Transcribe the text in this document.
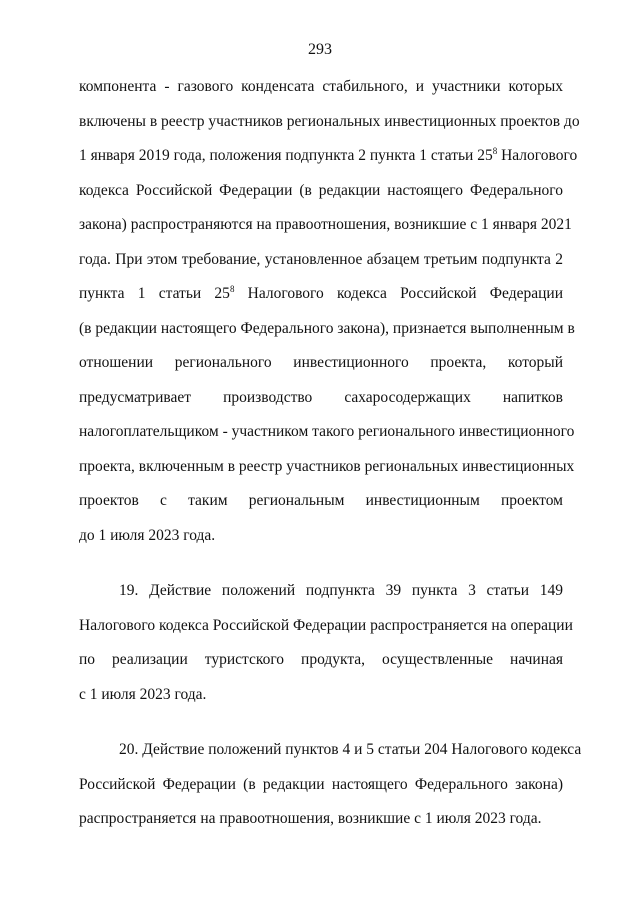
293
компонента - газового конденсата стабильного, и участники которых
включены в реестр участников региональных инвестиционных проектов до
1 января 2019 года, положения подпункта 2 пункта 1 статьи $25^8$ Налогового
кодекса Российской Федерации (в редакции настоящего Федерального
закона) распространяются на правоотношения, возникшие с 1 января 2021
года. При этом требование, установленное абзацем третьим подпункта 2
пункта 1 статьи $25^8$ Налогового кодекса Российской Федерации
(в редакции настоящего Федерального закона), признается выполненным в
отношении регионального инвестиционного проекта, который
предусматривает производство сахаросодержащих напитков
налогоплательщиком - участником такого регионального инвестиционного
проекта, включенным в реестр участников региональных инвестиционных
проектов с таким региональным инвестиционным проектом
до 1 июля 2023 года.
19. Действие положений подпункта 39 пункта 3 статьи 149
Налогового кодекса Российской Федерации распространяется на операции
по реализации туристского продукта, осуществленные начиная
с 1 июля 2023 года.
20. Действие положений пунктов 4 и 5 статьи 204 Налогового кодекса
Российской Федерации (в редакции настоящего Федерального закона)
распространяется на правоотношения, возникшие с 1 июля 2023 года.
